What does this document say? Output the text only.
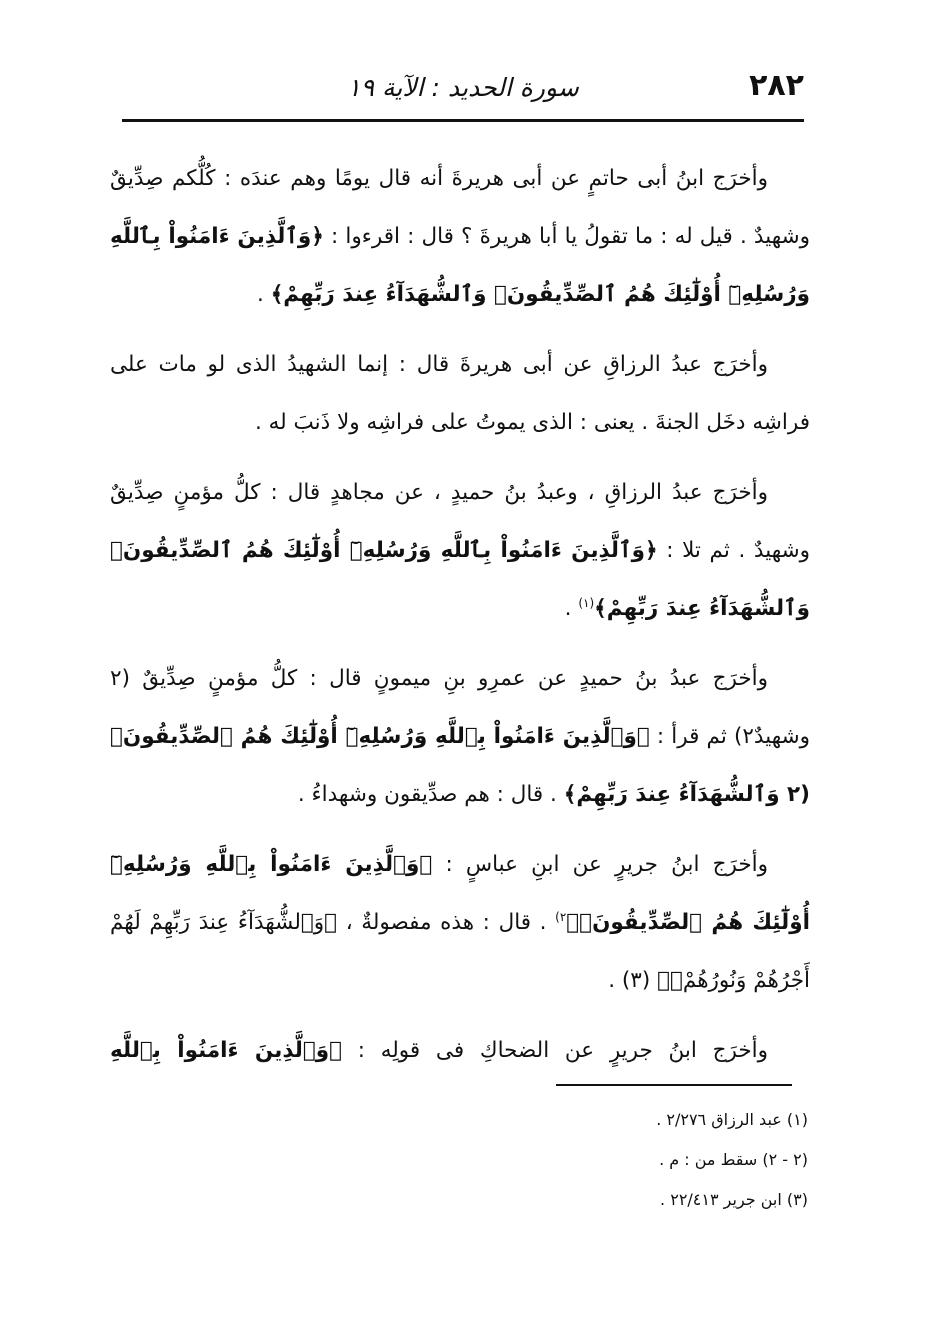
٢٨٢
سورة الحديد : الآية ١٩

وأخرَج ابنُ أبى حاتمٍ عن أبى هريرةَ أنه قال يومًا وهم عندَه : كُلُّكم صِدِّيقٌ وشهيدٌ . قيل له : ما تقولُ يا أبا هريرةَ ؟ قال : اقرءوا : ﴿وَٱلَّذِينَ ءَامَنُواْ بِٱللَّهِ وَرُسُلِهِۦٓ أُوْلَٰٓئِكَ هُمُ ٱلصِّدِّيقُونَۖ وَٱلشُّهَدَآءُ عِندَ رَبِّهِمْ﴾ .

وأخرَج عبدُ الرزاقِ عن أبى هريرةَ قال : إنما الشهيدُ الذى لو مات على فراشِه دخَل الجنةَ . يعنى : الذى يموتُ على فراشِه ولا ذَنبَ له .

وأخرَج عبدُ الرزاقِ ، وعبدُ بنُ حميدٍ ، عن مجاهدٍ قال : كلُّ مؤمنٍ صِدِّيقٌ وشهيدٌ . ثم تلا : ﴿وَٱلَّذِينَ ءَامَنُواْ بِٱللَّهِ وَرُسُلِهِۦٓ أُوْلَٰٓئِكَ هُمُ ٱلصِّدِّيقُونَۖ وَٱلشُّهَدَآءُ عِندَ رَبِّهِمْ﴾$^{(١)}$ .

وأخرَج عبدُ بنُ حميدٍ عن عمرِو بنِ ميمونٍ قال : كلُّ مؤمنٍ صِدِّيقٌ (٢ وشهيدٌ٢) ثم قرأ : ﴿وَٱلَّذِينَ ءَامَنُواْ بِٱللَّهِ وَرُسُلِهِۦٓ أُوْلَٰٓئِكَ هُمُ ٱلصِّدِّيقُونَۖ (٢ وَٱلشُّهَدَآءُ عِندَ رَبِّهِمْ﴾ . قال : هم صدِّيقون وشهداءُ .

وأخرَج ابنُ جريرٍ عن ابنِ عباسٍ : ﴿وَٱلَّذِينَ ءَامَنُواْ بِٱللَّهِ وَرُسُلِهِۦٓ أُوْلَٰٓئِكَ هُمُ ٱلصِّدِّيقُونَۖ﴾$^{٢)}$ . قال : هذه مفصولةٌ ، ﴿وَٱلشُّهَدَآءُ عِندَ رَبِّهِمْ لَهُمْ أَجْرُهُمْ وَنُورُهُمْۖ﴾ (٣) .

وأخرَج ابنُ جريرٍ عن الضحاكِ فى قولِه : ﴿وَٱلَّذِينَ ءَامَنُواْ بِٱللَّهِ

(١) عبد الرزاق ٢/٢٧٦ .

(٢ - ٢) سقط من : م .

(٣) ابن جرير ٢٢/٤١٣ .
